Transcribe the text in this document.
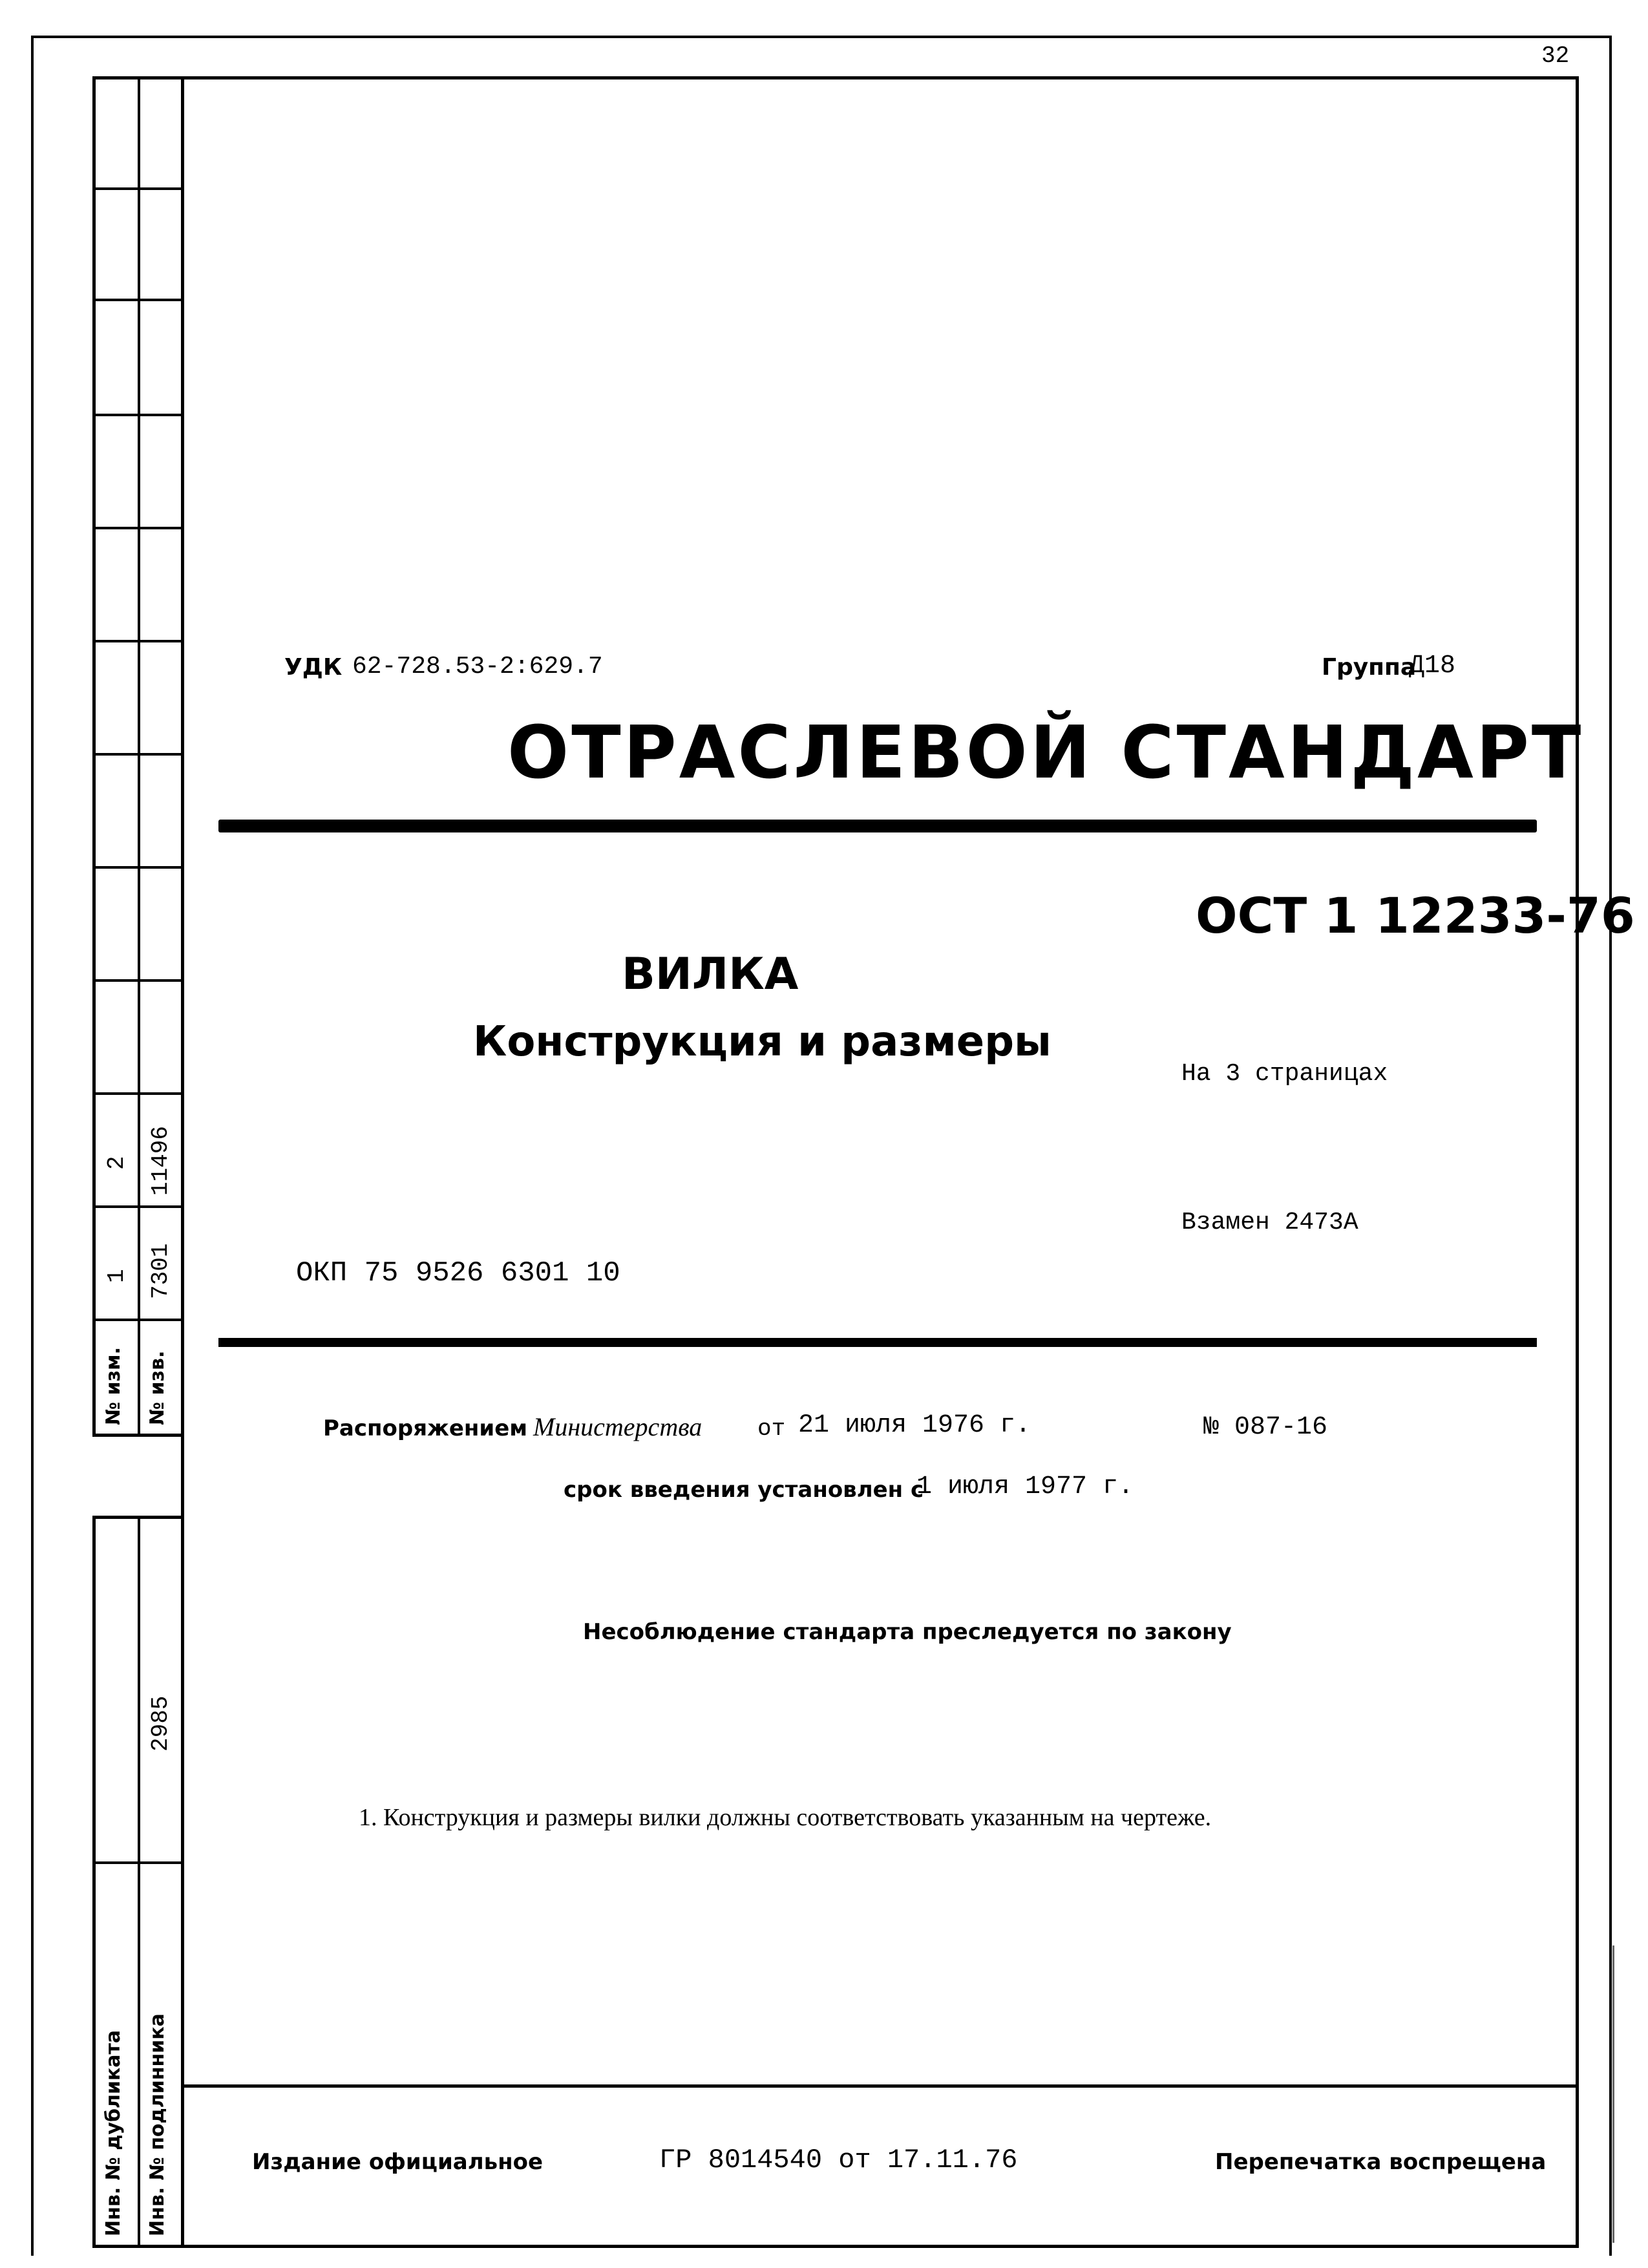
2 11496
1 7301
№ изм. № изв.
2985
Инв. № дубликата Инв. № подлинника
32
УДК 62-728.53-2:629.7	Группа
Д18
ОТРАСЛЕВОЙ СТАНДАРТ
ОСТ 1 12233-76
ВИЛКА
Конструкция и размеры
На 3 страницах
Взамен 2473А
ОКП 75 9526 6301 10
Распоряжением Министерства от 21 июля 1976 г.	№ 087-16
срок введения установлен с
1 июля 1977 г.
Несоблюдение стандарта преследуется по закону
1. Конструкция и размеры вилки должны соответствовать указанным на чертеже.
Издание официальное	ГР 8014540 от 17.11.76	Перепечатка воспрещена
